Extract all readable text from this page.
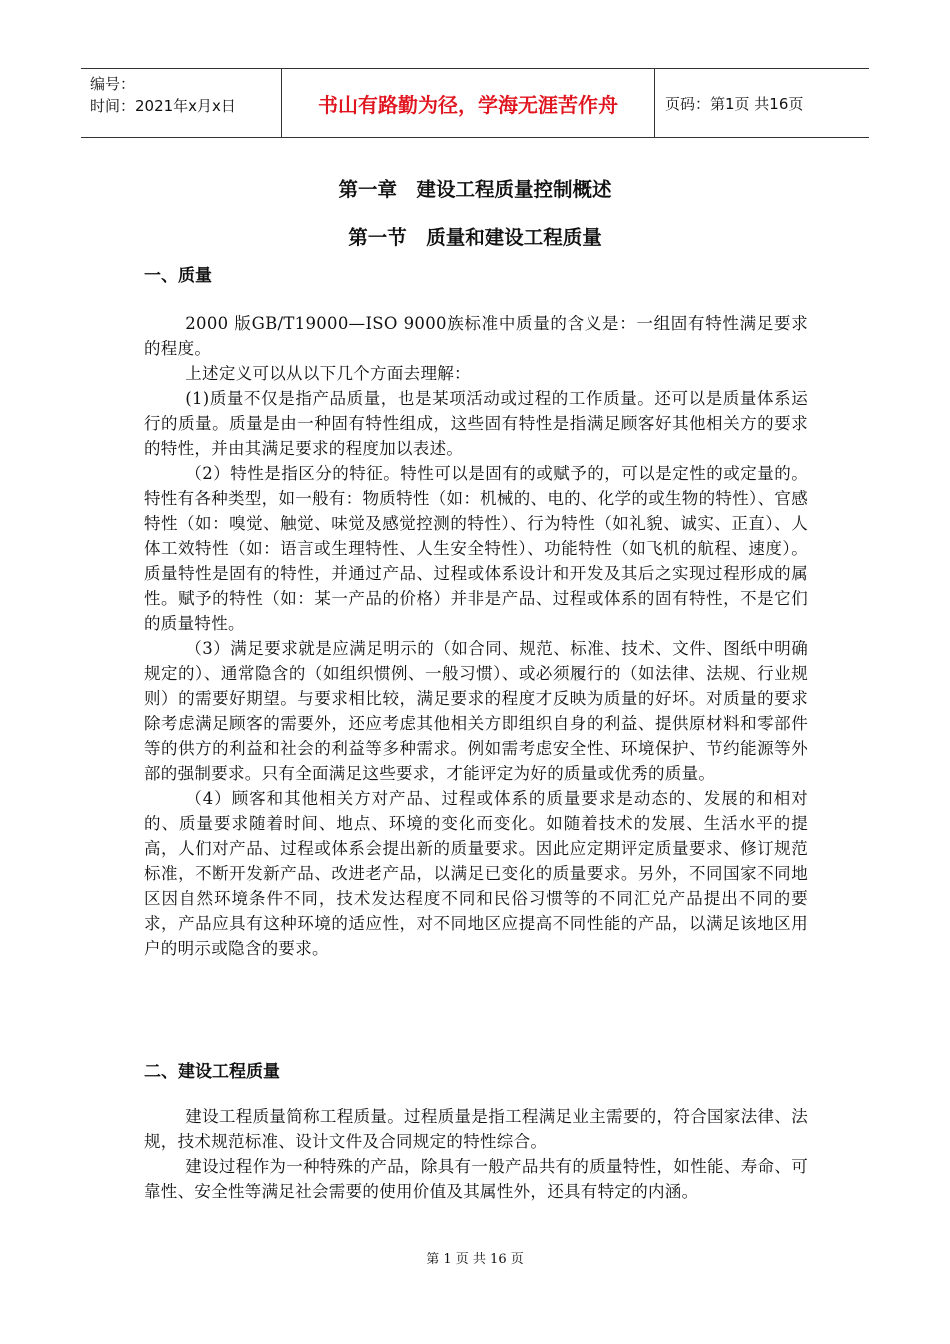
编号：
时间：2021年x月x日	书山有路勤为径，学海无涯苦作舟	页码：第1页 共16页
第一章　建设工程质量控制概述
第一节　质量和建设工程质量
一、质量

2000 版GB/T19000—ISO 9000族标准中质量的含义是：一组固有特性满足要求的程度。

上述定义可以从以下几个方面去理解：

(1)质量不仅是指产品质量，也是某项活动或过程的工作质量。还可以是质量体系运行的质量。质量是由一种固有特性组成，这些固有特性是指满足顾客好其他相关方的要求的特性，并由其满足要求的程度加以表述。

（2）特性是指区分的特征。特性可以是固有的或赋予的，可以是定性的或定量的。特性有各种类型，如一般有：物质特性（如：机械的、电的、化学的或生物的特性）、官感特性（如：嗅觉、触觉、味觉及感觉控测的特性）、行为特性（如礼貌、诚实、正直）、人体工效特性（如：语言或生理特性、人生安全特性）、功能特性（如飞机的航程、速度）。质量特性是固有的特性，并通过产品、过程或体系设计和开发及其后之实现过程形成的属性。赋予的特性（如：某一产品的价格）并非是产品、过程或体系的固有特性，不是它们的质量特性。

（3）满足要求就是应满足明示的（如合同、规范、标准、技术、文件、图纸中明确规定的）、通常隐含的（如组织惯例、一般习惯）、或必须履行的（如法律、法规、行业规则）的需要好期望。与要求相比较，满足要求的程度才反映为质量的好坏。对质量的要求除考虑满足顾客的需要外，还应考虑其他相关方即组织自身的利益、提供原材料和零部件等的供方的利益和社会的利益等多种需求。例如需考虑安全性、环境保护、节约能源等外部的强制要求。只有全面满足这些要求，才能评定为好的质量或优秀的质量。

（4）顾客和其他相关方对产品、过程或体系的质量要求是动态的、发展的和相对的、质量要求随着时间、地点、环境的变化而变化。如随着技术的发展、生活水平的提高，人们对产品、过程或体系会提出新的质量要求。因此应定期评定质量要求、修订规范标准，不断开发新产品、改进老产品，以满足已变化的质量要求。另外，不同国家不同地区因自然环境条件不同，技术发达程度不同和民俗习惯等的不同汇兑产品提出不同的要求，产品应具有这种环境的适应性，对不同地区应提高不同性能的产品，以满足该地区用户的明示或隐含的要求。

二、建设工程质量

建设工程质量简称工程质量。过程质量是指工程满足业主需要的，符合国家法律、法规，技术规范标准、设计文件及合同规定的特性综合。

建设过程作为一种特殊的产品，除具有一般产品共有的质量特性，如性能、寿命、可靠性、安全性等满足社会需要的使用价值及其属性外，还具有特定的内涵。

第 1 页 共 16 页
